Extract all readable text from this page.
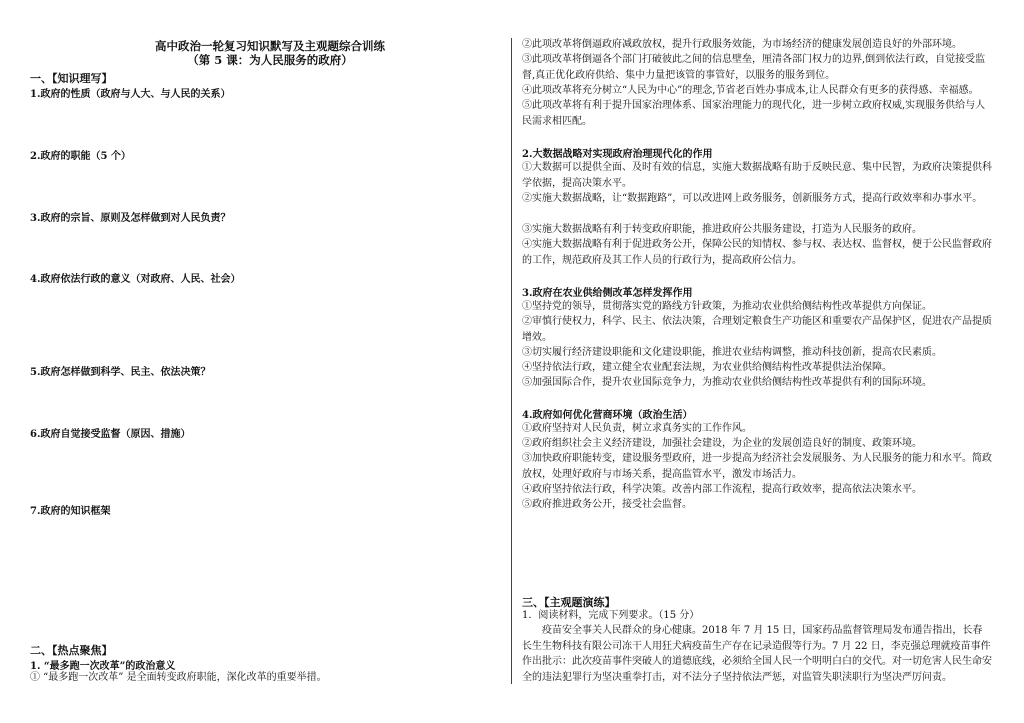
高中政治一轮复习知识默写及主观题综合训练
（第 5 课：为人民服务的政府）
一、【知识理写】
1.政府的性质（政府与人大、与人民的关系）
2.政府的职能（5 个）
3.政府的宗旨、原则及怎样做到对人民负责？
4.政府依法行政的意义（对政府、人民、社会）
5.政府怎样做到科学、民主、依法决策？
6.政府自觉接受监督（原因、措施）
7.政府的知识框架
二、【热点聚焦】
1. “最多跑一次改革”的政治意义
① “最多跑一次改革” 是全面转变政府职能，深化改革的重要举措。
②此项改革将倒逼政府减政放权，提升行政服务效能，为市场经济的健康发展创造良好的外部环境。
③此项改革将倒逼各个部门打破彼此之间的信息壁垒，厘清各部门权力的边界,倒到依法行政，自觉接受监督,真正优化政府供给、集中力量把该管的事管好，以服务的服务到位。
④此项改革将充分树立“人民为中心”的理念,节省老百姓办事成本,让人民群众有更多的获得感、幸福感。
⑤此项改革将有利于提升国家治理体系、国家治理能力的现代化，进一步树立政府权威,实现服务供给与人民需求相匹配。
2.大数据战略对实现政府治理现代化的作用
①大数据可以提供全面、及时有效的信息，实施大数据战略有助于反映民意、集中民智，为政府决策提供科学依据，提高决策水平。
②实施大数据战略，让“数据跑路”，可以改进网上政务服务，创新服务方式，提高行政效率和办事水平。
③实施大数据战略有利于转变政府职能，推进政府公共服务建设，打造为人民服务的政府。
④实施大数据战略有利于促进政务公开，保障公民的知情权、参与权、表达权、监督权，便于公民监督政府的工作，规范政府及其工作人员的行政行为，提高政府公信力。
3.政府在农业供给侧改革怎样发挥作用
①坚持党的领导，贯彻落实党的路线方针政策，为推动农业供给侧结构性改革提供方向保证。
②审慎行使权力，科学、民主、依法决策，合理划定粮食生产功能区和重要农产品保护区，促进农产品提质增效。
③切实履行经济建设职能和文化建设职能，推进农业结构调整，推动科技创新，提高农民素质。
④坚持依法行政，建立健全农业配套法规，为农业供给侧结构性改革提供法治保障。
⑤加强国际合作，提升农业国际竞争力，为推动农业供给侧结构性改革提供有利的国际环境。
4.政府如何优化营商环境（政治生活）
①政府坚持对人民负责，树立求真务实的工作作风。
②政府组织社会主义经济建设，加强社会建设，为企业的发展创造良好的制度、政策环境。
③加快政府职能转变，建设服务型政府，进一步提高为经济社会发展服务、为人民服务的能力和水平。简政放权，处理好政府与市场关系，提高监管水平，激发市场活力。
④政府坚持依法行政，科学决策。改善内部工作流程，提高行政效率，提高依法决策水平。
⑤政府推进政务公开，接受社会监督。
三、【主观题演练】
1．阅读材料，完成下列要求。（15 分）
疫苗安全事关人民群众的身心健康。2018 年 7 月 15 日，国家药品监督管理局发布通告指出，长春长生生物科技有限公司冻干人用狂犬病疫苗生产存在记录造假等行为。7 月 22 日，李克强总理就疫苗事件作出批示：此次疫苗事件突破人的道德底线，必须给全国人民一个明明白白的交代。对一切危害人民生命安全的违法犯罪行为坚决重拳打击，对不法分子坚持依法严惩，对监管失职渎职行为坚决严厉问责。
